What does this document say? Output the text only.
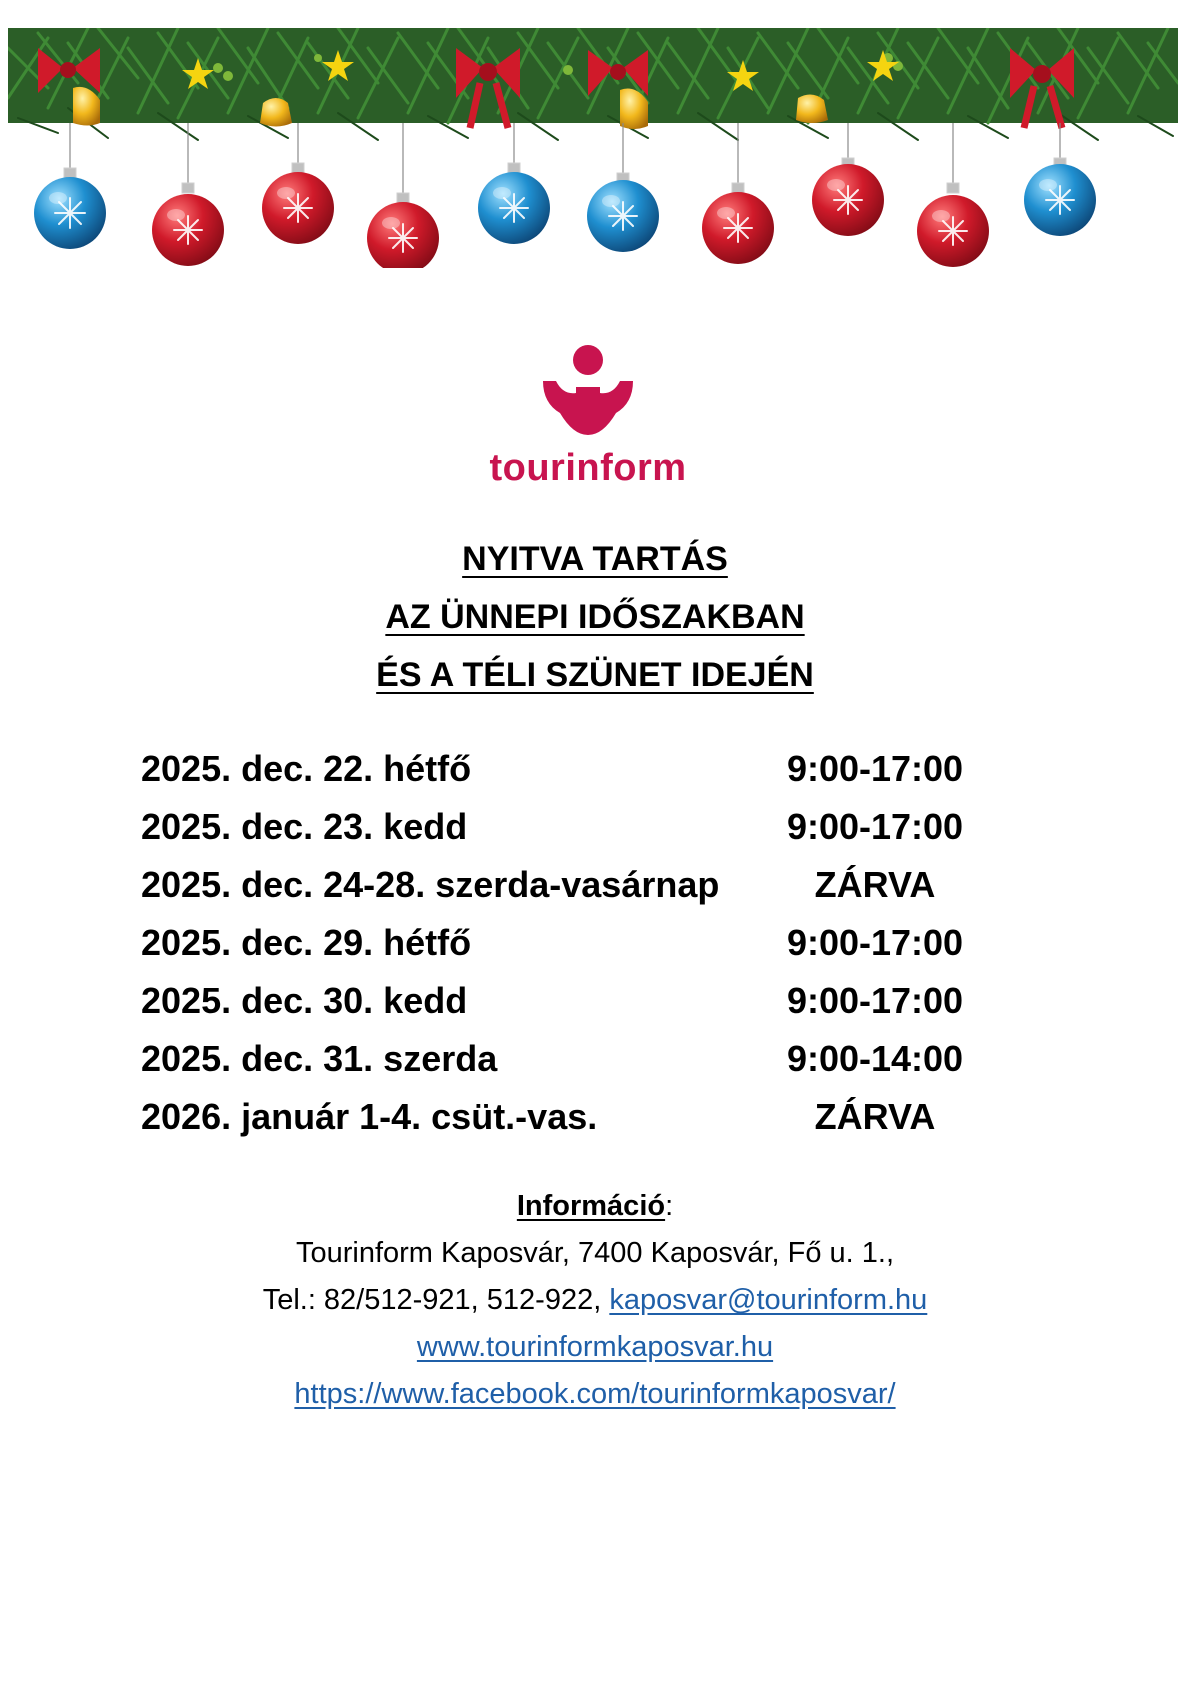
tourinform
NYITVA TARTÁS
AZ ÜNNEPI IDŐSZAKBAN
ÉS A TÉLI SZÜNET IDEJÉN
2025. dec. 22. hétfő	9:00-17:00
2025. dec. 23. kedd	9:00-17:00
2025. dec. 24-28. szerda-vasárnap	ZÁRVA
2025. dec. 29. hétfő	9:00-17:00
2025. dec. 30. kedd	9:00-17:00
2025. dec. 31. szerda	9:00-14:00
2026. január 1-4. csüt.-vas.	ZÁRVA
Információ:
Tourinform Kaposvár, 7400 Kaposvár, Fő u. 1.,
Tel.: 82/512-921, 512-922, kaposvar@tourinform.hu
www.tourinformkaposvar.hu
https://www.facebook.com/tourinformkaposvar/
